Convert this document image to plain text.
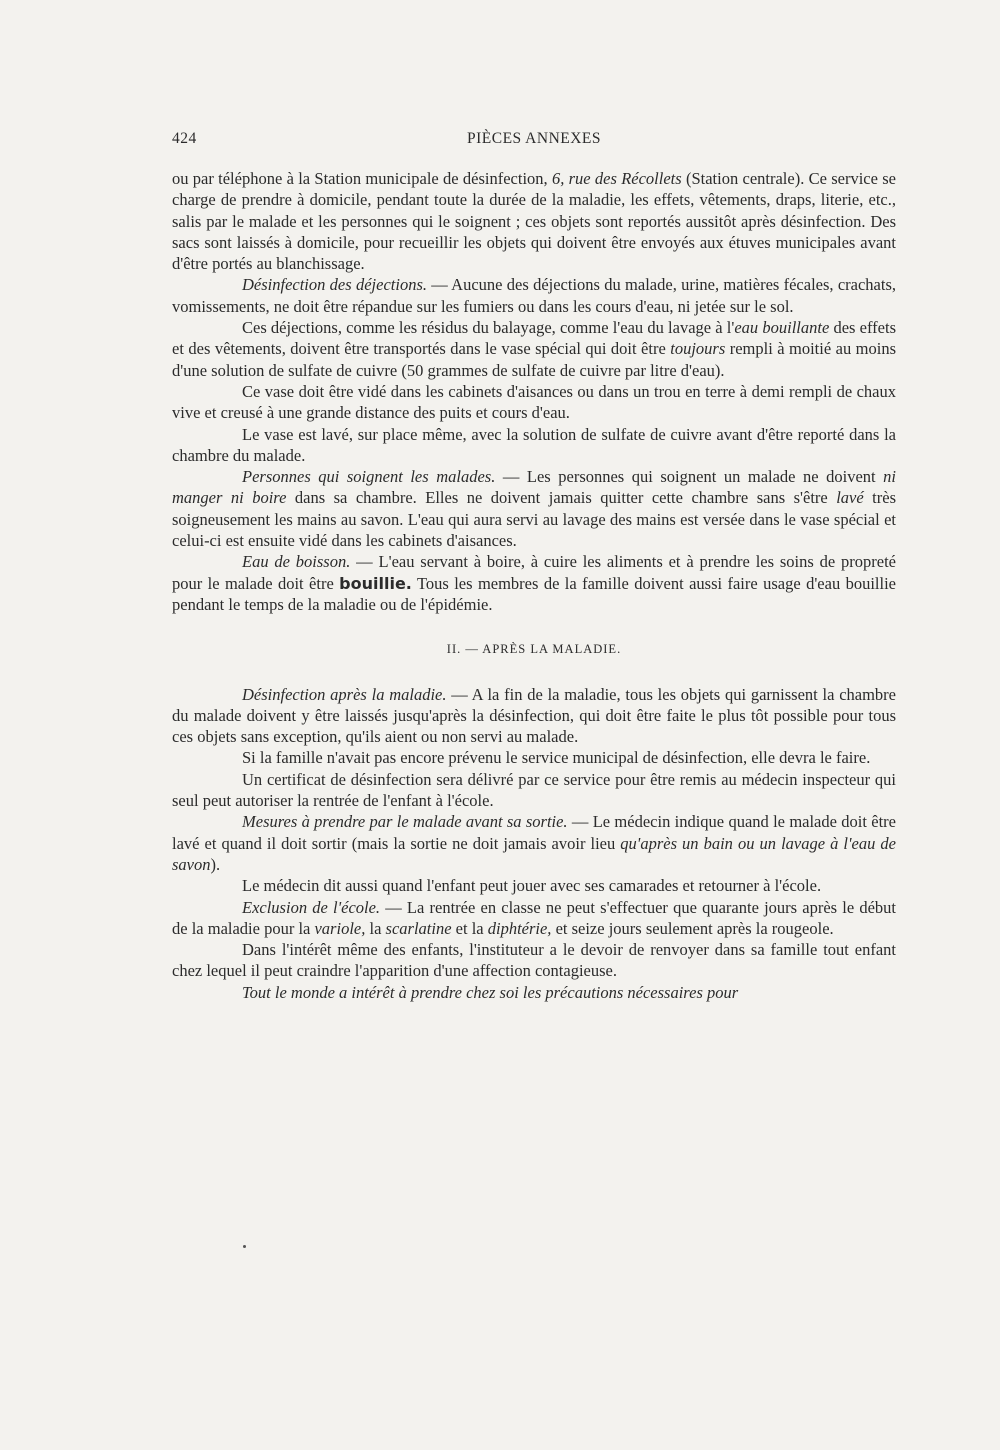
424	PIÈCES ANNEXES

ou par téléphone à la Station municipale de désinfection, 6, rue des Récollets (Station centrale). Ce service se charge de prendre à domicile, pendant toute la durée de la maladie, les effets, vêtements, draps, literie, etc., salis par le malade et les personnes qui le soignent ; ces objets sont reportés aussitôt après désinfection. Des sacs sont laissés à domicile, pour recueillir les objets qui doivent être envoyés aux étuves municipales avant d'être portés au blanchissage.

Désinfection des déjections. — Aucune des déjections du malade, urine, matières fécales, crachats, vomissements, ne doit être répandue sur les fumiers ou dans les cours d'eau, ni jetée sur le sol.

Ces déjections, comme les résidus du balayage, comme l'eau du lavage à l'eau bouillante des effets et des vêtements, doivent être transportés dans le vase spécial qui doit être toujours rempli à moitié au moins d'une solution de sulfate de cuivre (50 grammes de sulfate de cuivre par litre d'eau).

Ce vase doit être vidé dans les cabinets d'aisances ou dans un trou en terre à demi rempli de chaux vive et creusé à une grande distance des puits et cours d'eau.

Le vase est lavé, sur place même, avec la solution de sulfate de cuivre avant d'être reporté dans la chambre du malade.

Personnes qui soignent les malades. — Les personnes qui soignent un malade ne doivent ni manger ni boire dans sa chambre. Elles ne doivent jamais quitter cette chambre sans s'être lavé très soigneusement les mains au savon. L'eau qui aura servi au lavage des mains est versée dans le vase spécial et celui-ci est ensuite vidé dans les cabinets d'aisances.

Eau de boisson. — L'eau servant à boire, à cuire les aliments et à prendre les soins de propreté pour le malade doit être bouillie. Tous les membres de la famille doivent aussi faire usage d'eau bouillie pendant le temps de la maladie ou de l'épidémie.

II. — APRÈS LA MALADIE.

Désinfection après la maladie. — A la fin de la maladie, tous les objets qui garnissent la chambre du malade doivent y être laissés jusqu'après la désinfection, qui doit être faite le plus tôt possible pour tous ces objets sans exception, qu'ils aient ou non servi au malade.

Si la famille n'avait pas encore prévenu le service municipal de désinfection, elle devra le faire.

Un certificat de désinfection sera délivré par ce service pour être remis au médecin inspecteur qui seul peut autoriser la rentrée de l'enfant à l'école.

Mesures à prendre par le malade avant sa sortie. — Le médecin indique quand le malade doit être lavé et quand il doit sortir (mais la sortie ne doit jamais avoir lieu qu'après un bain ou un lavage à l'eau de savon).

Le médecin dit aussi quand l'enfant peut jouer avec ses camarades et retourner à l'école.

Exclusion de l'école. — La rentrée en classe ne peut s'effectuer que quarante jours après le début de la maladie pour la variole, la scarlatine et la diphtérie, et seize jours seulement après la rougeole.

Dans l'intérêt même des enfants, l'instituteur a le devoir de renvoyer dans sa famille tout enfant chez lequel il peut craindre l'apparition d'une affection contagieuse.

Tout le monde a intérêt à prendre chez soi les précautions nécessaires pour
